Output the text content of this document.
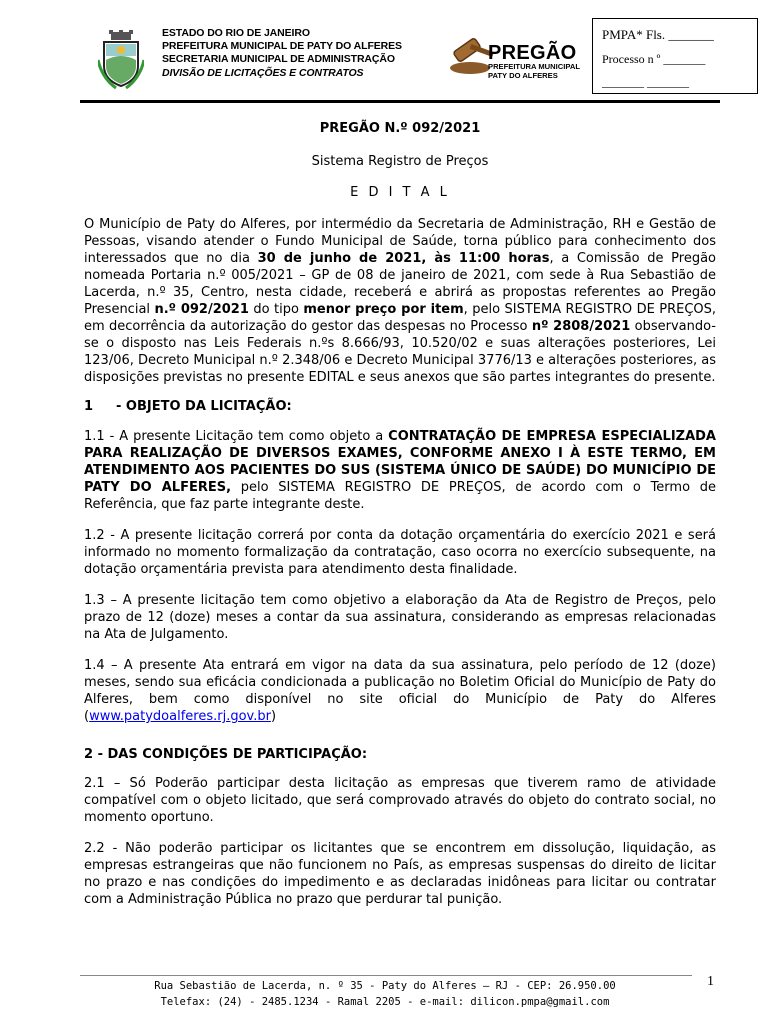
ESTADO DO RIO DE JANEIRO
PREFEITURA MUNICIPAL DE PATY DO ALFERES
SECRETARIA MUNICIPAL DE ADMINISTRAÇÃO
DIVISÃO DE LICITAÇÕES E CONTRATOS
PREGÃO
PREFEITURA MUNICIPAL
PATY DO ALFERES
PMPA* Fls. _______
Processo n º _______
_______ _______
PREGÃO N.º 092/2021
Sistema Registro de Preços
E D I T A L

O Município de Paty do Alferes, por intermédio da Secretaria de Administração, RH e Gestão de Pessoas, visando atender o Fundo Municipal de Saúde, torna público para conhecimento dos interessados que no dia 30 de junho de 2021, às 11:00 horas, a Comissão de Pregão nomeada Portaria n.º 005/2021 – GP de 08 de janeiro de 2021, com sede à Rua Sebastião de Lacerda, n.º 35, Centro, nesta cidade, receberá e abrirá as propostas referentes ao Pregão Presencial n.º 092/2021 do tipo menor preço por item, pelo SISTEMA REGISTRO DE PREÇOS, em decorrência da autorização do gestor das despesas no Processo nº 2808/2021 observando-se o disposto nas Leis Federais n.ºs 8.666/93, 10.520/02 e suas alterações posteriores, Lei 123/06, Decreto Municipal n.º 2.348/06 e Decreto Municipal 3776/13 e alterações posteriores, as disposições previstas no presente EDITAL e seus anexos que são partes integrantes do presente.

1	- OBJETO DA LICITAÇÃO:

1.1 - A presente Licitação tem como objeto a CONTRATAÇÃO DE EMPRESA ESPECIALIZADA PARA REALIZAÇÃO DE DIVERSOS EXAMES, CONFORME ANEXO I À ESTE TERMO, EM ATENDIMENTO AOS PACIENTES DO SUS (SISTEMA ÚNICO DE SAÚDE) DO MUNICÍPIO DE PATY DO ALFERES, pelo SISTEMA REGISTRO DE PREÇOS, de acordo com o Termo de Referência, que faz parte integrante deste.

1.2 - A presente licitação correrá por conta da dotação orçamentária do exercício 2021 e será informado no momento formalização da contratação, caso ocorra no exercício subsequente, na dotação orçamentária prevista para atendimento desta finalidade.

1.3 – A presente licitação tem como objetivo a elaboração da Ata de Registro de Preços, pelo prazo de 12 (doze) meses a contar da sua assinatura, considerando as empresas relacionadas na Ata de Julgamento.

1.4 – A presente Ata entrará em vigor na data da sua assinatura, pelo período de 12 (doze) meses, sendo sua eficácia condicionada a publicação no Boletim Oficial do Município de Paty do Alferes, bem como disponível no site oficial do Município de Paty do Alferes (www.patydoalferes.rj.gov.br)

2 - DAS CONDIÇÕES DE PARTICIPAÇÃO:

2.1 – Só Poderão participar desta licitação as empresas que tiverem ramo de atividade compatível com o objeto licitado, que será comprovado através do objeto do contrato social, no momento oportuno.

2.2 - Não poderão participar os licitantes que se encontrem em dissolução, liquidação, as empresas estrangeiras que não funcionem no País, as empresas suspensas do direito de licitar no prazo e nas condições do impedimento e as declaradas inidôneas para licitar ou contratar com a Administração Pública no prazo que perdurar tal punição.

Rua Sebastião de Lacerda, n. º 35 - Paty do Alferes – RJ - CEP: 26.950.00
Telefax: (24) - 2485.1234 - Ramal 2205 - e-mail: dilicon.pmpa@gmail.com
1
